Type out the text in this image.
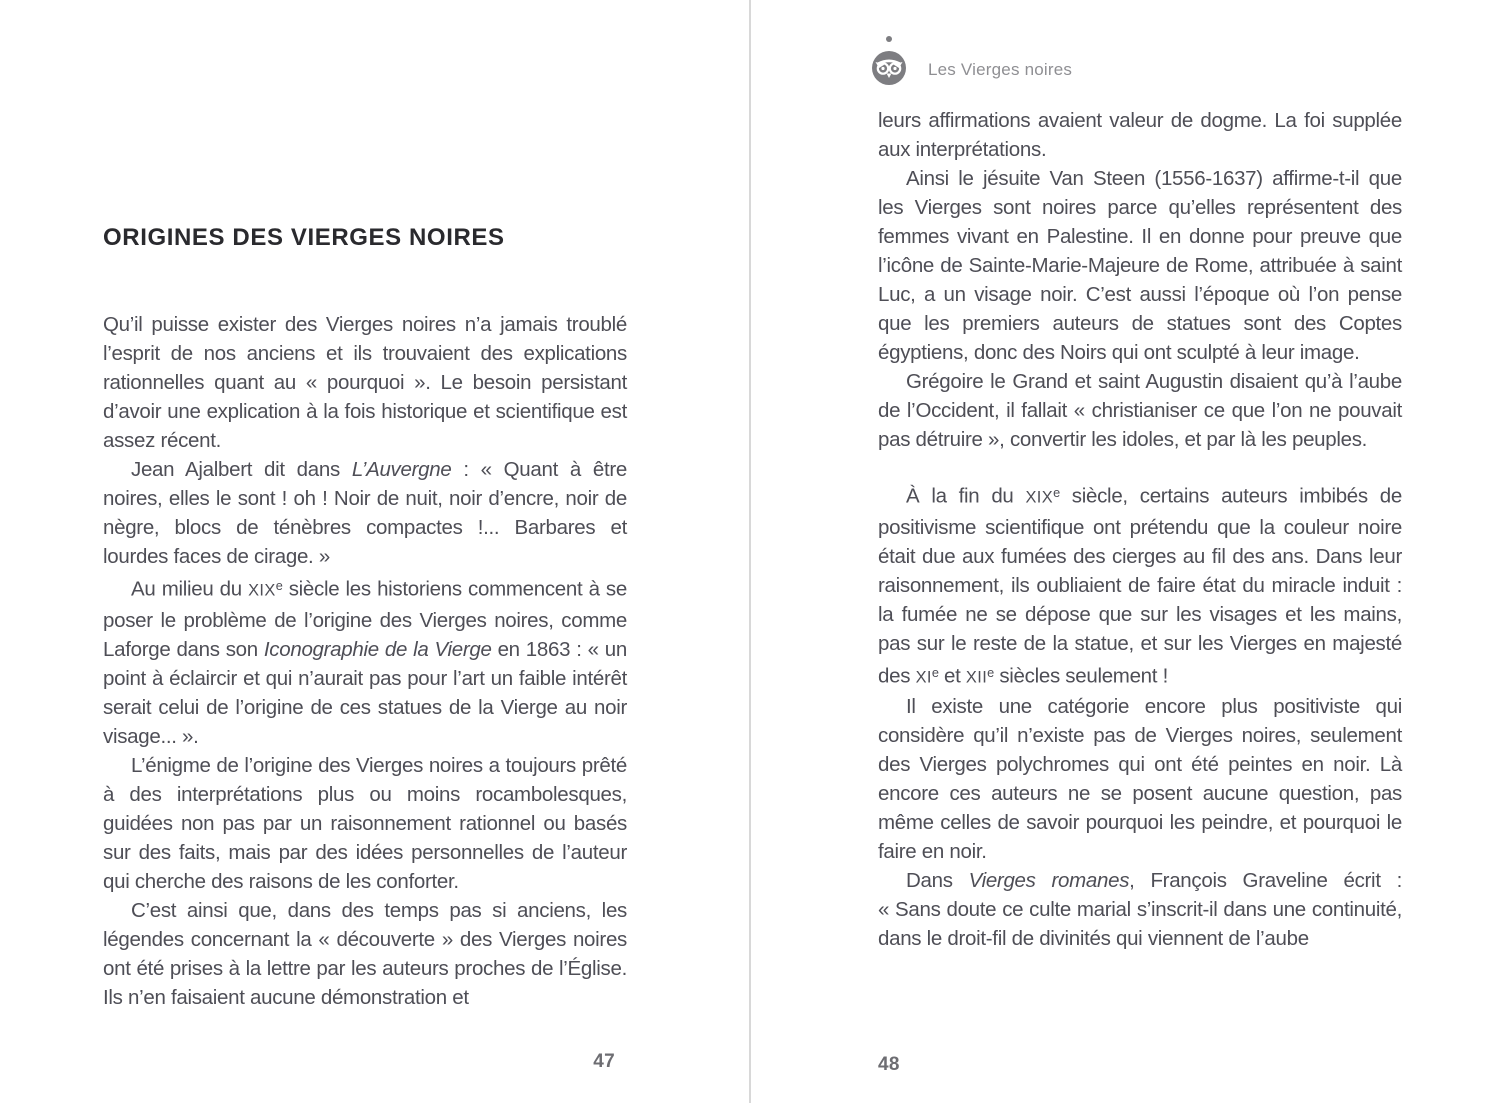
ORIGINES DES VIERGES NOIRES

Qu’il puisse exister des Vierges noires n’a jamais troublé l’esprit de nos anciens et ils trouvaient des explications rationnelles quant au « pourquoi ». Le besoin persistant d’avoir une explication à la fois historique et scientifique est assez récent.

Jean Ajalbert dit dans L’Auvergne : « Quant à être noires, elles le sont ! oh ! Noir de nuit, noir d’encre, noir de nègre, blocs de ténèbres compactes !... Barbares et lourdes faces de cirage. »

Au milieu du XIXe siècle les historiens commencent à se poser le problème de l’origine des Vierges noires, comme Laforge dans son Iconographie de la Vierge en 1863 : « un point à éclaircir et qui n’aurait pas pour l’art un faible intérêt serait celui de l’origine de ces statues de la Vierge au noir visage... ».

L’énigme de l’origine des Vierges noires a toujours prêté à des interprétations plus ou moins rocambolesques, guidées non pas par un raisonnement rationnel ou basés sur des faits, mais par des idées personnelles de l’auteur qui cherche des raisons de les conforter.

C’est ainsi que, dans des temps pas si anciens, les légendes concernant la « découverte » des Vierges noires ont été prises à la lettre par les auteurs proches de l’Église. Ils n’en faisaient aucune démonstration et

47
Les Vierges noires

leurs affirmations avaient valeur de dogme. La foi supplée aux interprétations.

Ainsi le jésuite Van Steen (1556-1637) affirme-t-il que les Vierges sont noires parce qu’elles représentent des femmes vivant en Palestine. Il en donne pour preuve que l’icône de Sainte-Marie-Majeure de Rome, attribuée à saint Luc, a un visage noir. C’est aussi l’époque où l’on pense que les premiers auteurs de statues sont des Coptes égyptiens, donc des Noirs qui ont sculpté à leur image.

Grégoire le Grand et saint Augustin disaient qu’à l’aube de l’Occident, il fallait « christianiser ce que l’on ne pouvait pas détruire », convertir les idoles, et par là les peuples.

À la fin du XIXe siècle, certains auteurs imbibés de positivisme scientifique ont prétendu que la couleur noire était due aux fumées des cierges au fil des ans. Dans leur raisonnement, ils oubliaient de faire état du miracle induit : la fumée ne se dépose que sur les visages et les mains, pas sur le reste de la statue, et sur les Vierges en majesté des XIe et XIIe siècles seulement !

Il existe une catégorie encore plus positiviste qui considère qu’il n’existe pas de Vierges noires, seulement des Vierges polychromes qui ont été peintes en noir. Là encore ces auteurs ne se posent aucune question, pas même celles de savoir pourquoi les peindre, et pourquoi le faire en noir.

Dans Vierges romanes, François Graveline écrit : « Sans doute ce culte marial s’inscrit-il dans une continuité, dans le droit-fil de divinités qui viennent de l’aube

48
